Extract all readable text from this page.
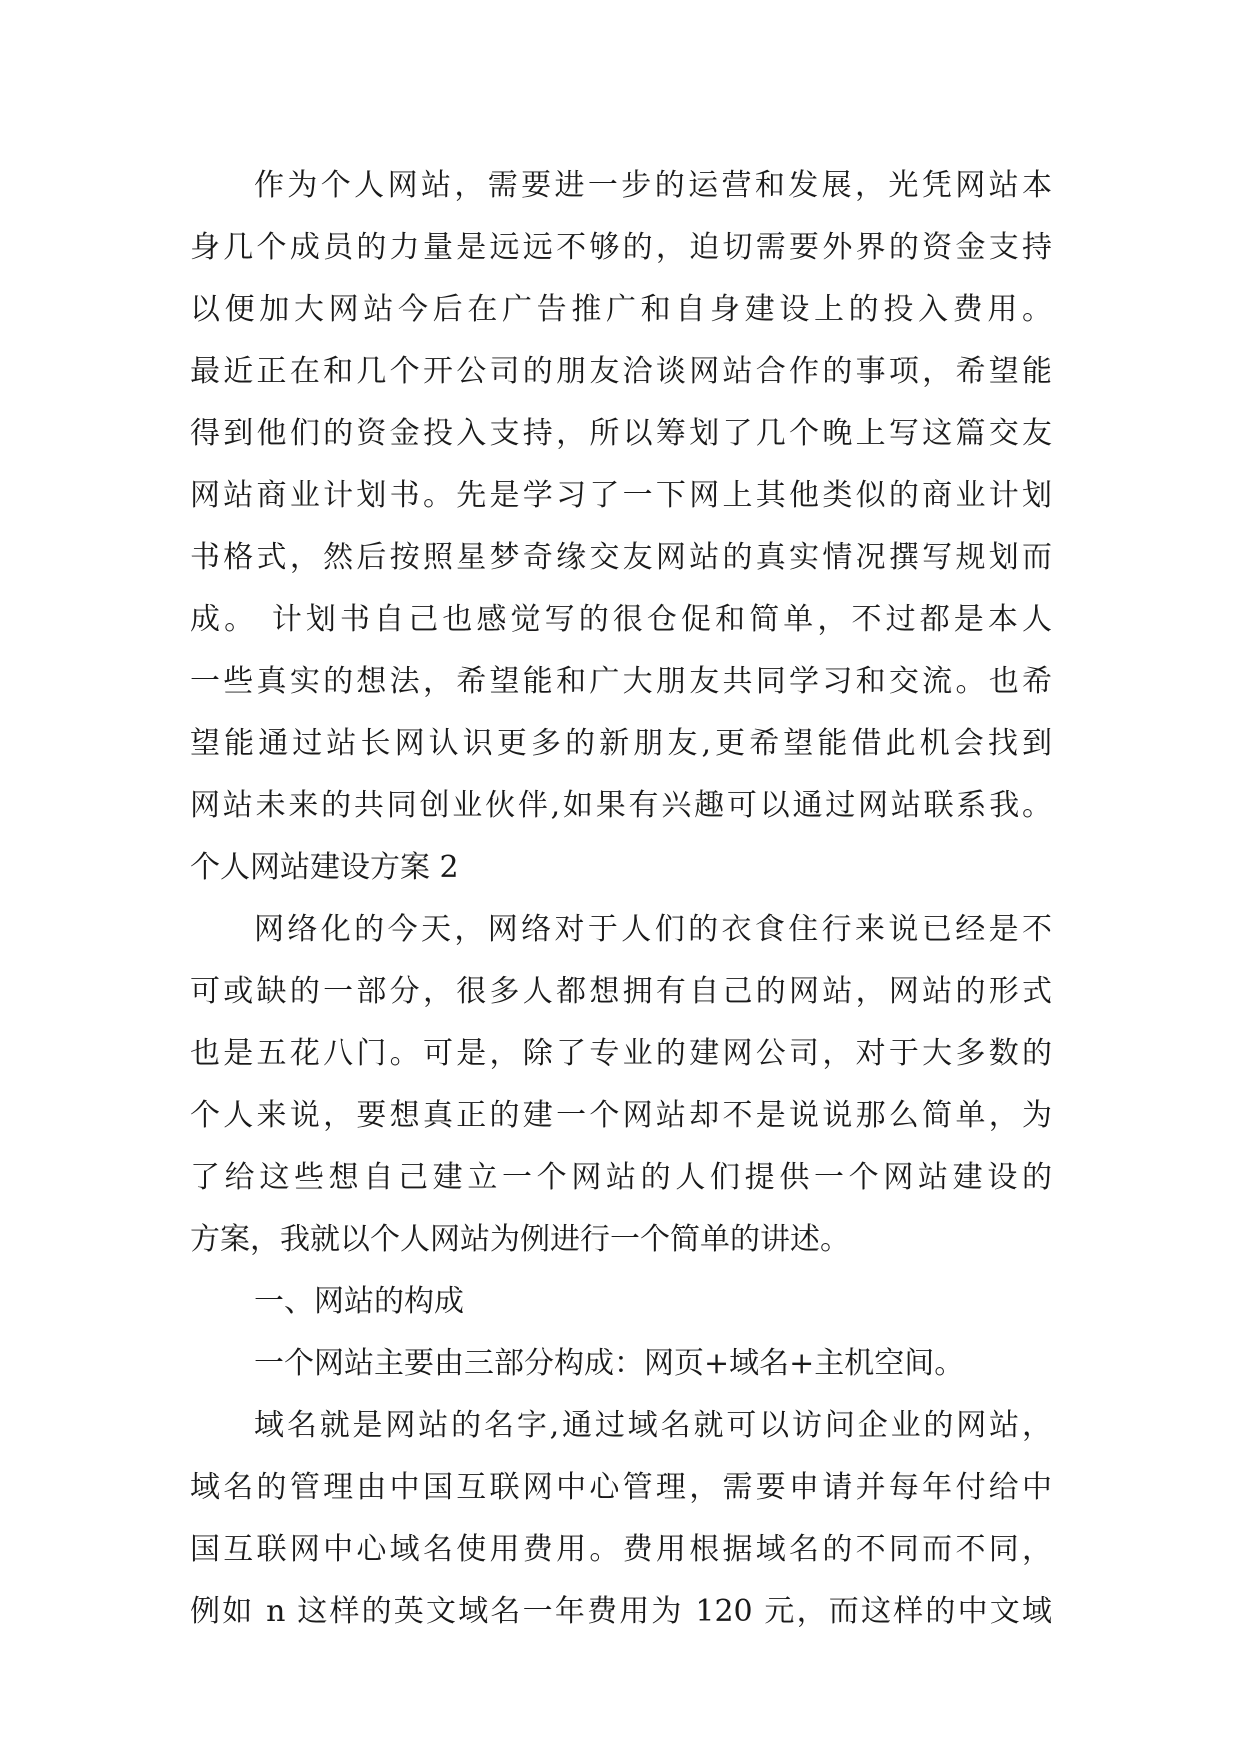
作为个人网站，需要进一步的运营和发展，光凭网站本
身几个成员的力量是远远不够的，迫切需要外界的资金支持
以便加大网站今后在广告推广和自身建设上的投入费用。
最近正在和几个开公司的朋友洽谈网站合作的事项，希望能
得到他们的资金投入支持，所以筹划了几个晚上写这篇交友
网站商业计划书。先是学习了一下网上其他类似的商业计划
书格式，然后按照星梦奇缘交友网站的真实情况撰写规划而
成。 计划书自己也感觉写的很仓促和简单，不过都是本人
一些真实的想法，希望能和广大朋友共同学习和交流。也希
望能通过站长网认识更多的新朋友,更希望能借此机会找到
网站未来的共同创业伙伴,如果有兴趣可以通过网站联系我。
个人网站建设方案 2
网络化的今天，网络对于人们的衣食住行来说已经是不
可或缺的一部分，很多人都想拥有自己的网站，网站的形式
也是五花八门。可是，除了专业的建网公司，对于大多数的
个人来说，要想真正的建一个网站却不是说说那么简单，为
了给这些想自己建立一个网站的人们提供一个网站建设的
方案，我就以个人网站为例进行一个简单的讲述。
一、网站的构成
一个网站主要由三部分构成：网页+域名+主机空间。
域名就是网站的名字,通过域名就可以访问企业的网站，
域名的管理由中国互联网中心管理，需要申请并每年付给中
国互联网中心域名使用费用。费用根据域名的不同而不同，
例如 n 这样的英文域名一年费用为 120 元，而这样的中文域
